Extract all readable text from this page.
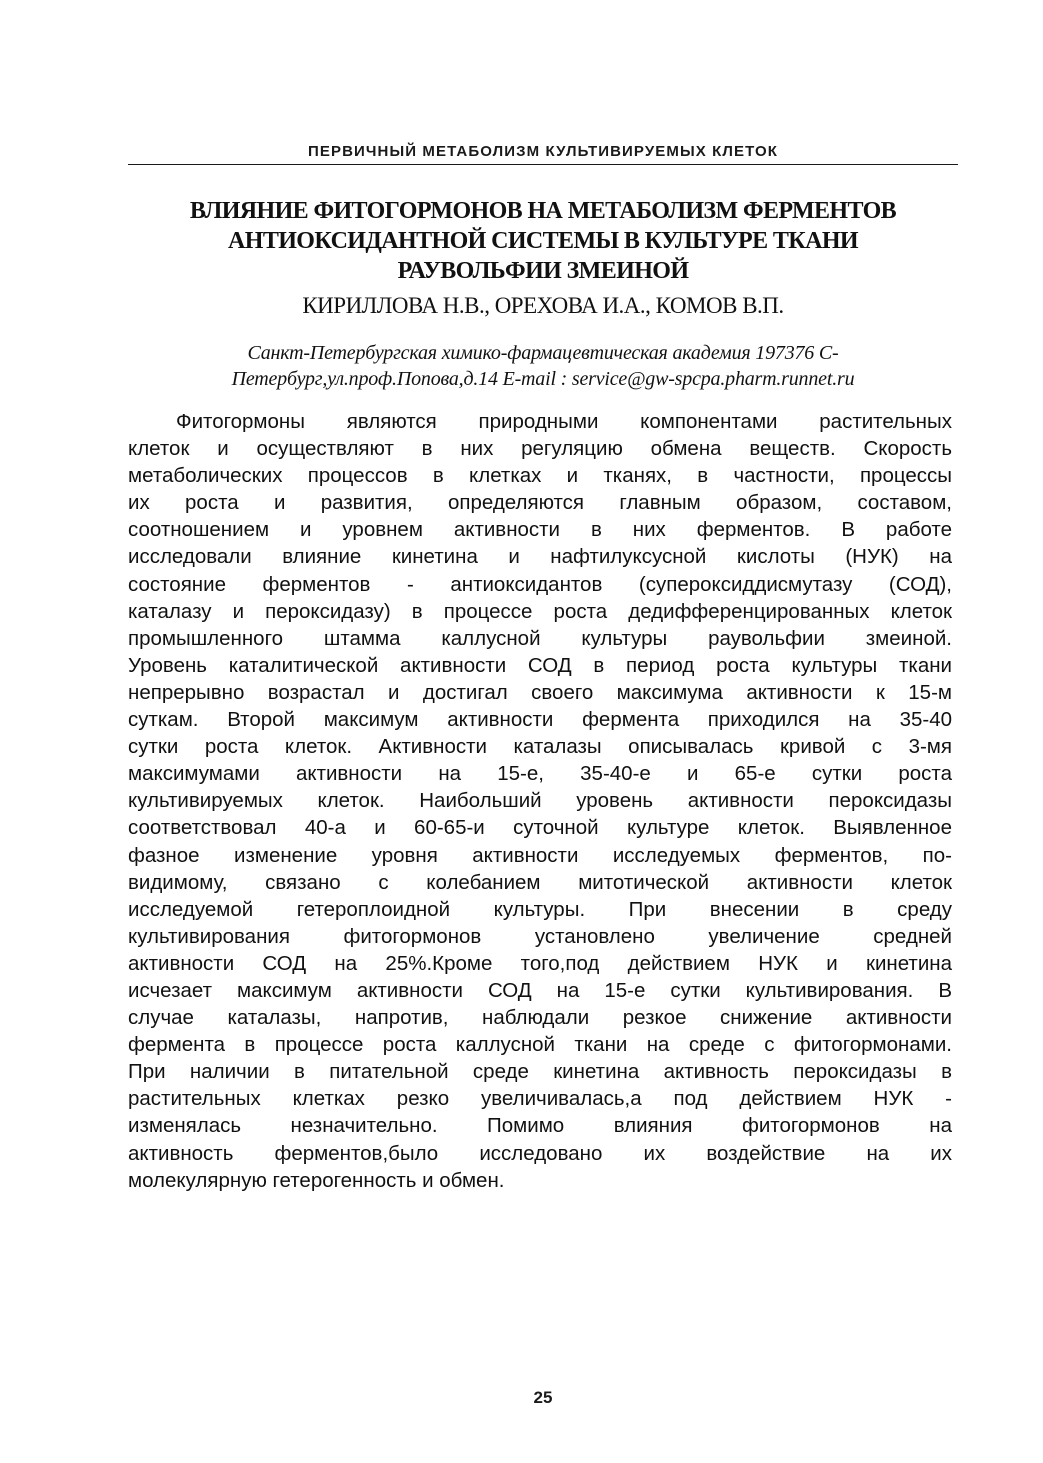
ПЕРВИЧНЫЙ МЕТАБОЛИЗМ КУЛЬТИВИРУЕМЫХ КЛЕТОК
ВЛИЯНИЕ ФИТОГОРМОНОВ НА МЕТАБОЛИЗМ ФЕРМЕНТОВ
АНТИОКСИДАНТНОЙ СИСТЕМЫ В КУЛЬТУРЕ ТКАНИ
РАУВОЛЬФИИ ЗМЕИНОЙ
КИРИЛЛОВА Н.В., ОРЕХОВА И.А., КОМОВ В.П.
Санкт-Петербургская химико-фармацевтическая академия 197376 С-
Петербург,ул.проф.Попова,д.14 E-mail : service@gw-spcpa.pharm.runnet.ru
Фитогормоны являются природными компонентами растительных
клеток и осуществляют в них регуляцию обмена веществ. Скорость
метаболических процессов в клетках и тканях, в частности, процессы
их роста и развития, определяются главным образом, составом,
соотношением и уровнем активности в них ферментов. В работе
исследовали влияние кинетина и нафтилуксусной кислоты (НУК) на
состояние ферментов - антиоксидантов (супероксиддисмутазу (СОД),
каталазу и пероксидазу) в процессе роста дедифференцированных клеток
промышленного штамма каллусной культуры раувольфии змеиной.
Уровень каталитической активности СОД в период роста культуры ткани
непрерывно возрастал и достигал своего максимума активности к 15-м
суткам. Второй максимум активности фермента приходился на 35-40
сутки роста клеток. Активности каталазы описывалась кривой с 3-мя
максимумами активности на 15-е, 35-40-е и 65-е сутки роста
культивируемых клеток. Наибольший уровень активности пероксидазы
соответствовал 40-а и 60-65-и суточной культуре клеток. Выявленное
фазное изменение уровня активности исследуемых ферментов, по-
видимому, связано с колебанием митотической активности клеток
исследуемой гетероплоидной культуры. При внесении в среду
культивирования фитогормонов установлено увеличение средней
активности СОД на 25%.Кроме того,под действием НУК и кинетина
исчезает максимум активности СОД на 15-е сутки культивирования. В
случае каталазы, напротив, наблюдали резкое снижение активности
фермента в процессе роста каллусной ткани на среде с фитогормонами.
При наличии в питательной среде кинетина активность пероксидазы в
растительных клетках резко увеличивалась,а под действием НУК -
изменялась незначительно. Помимо влияния фитогормонов на
активность ферментов,было исследовано их воздействие на их
молекулярную гетерогенность и обмен.
25
